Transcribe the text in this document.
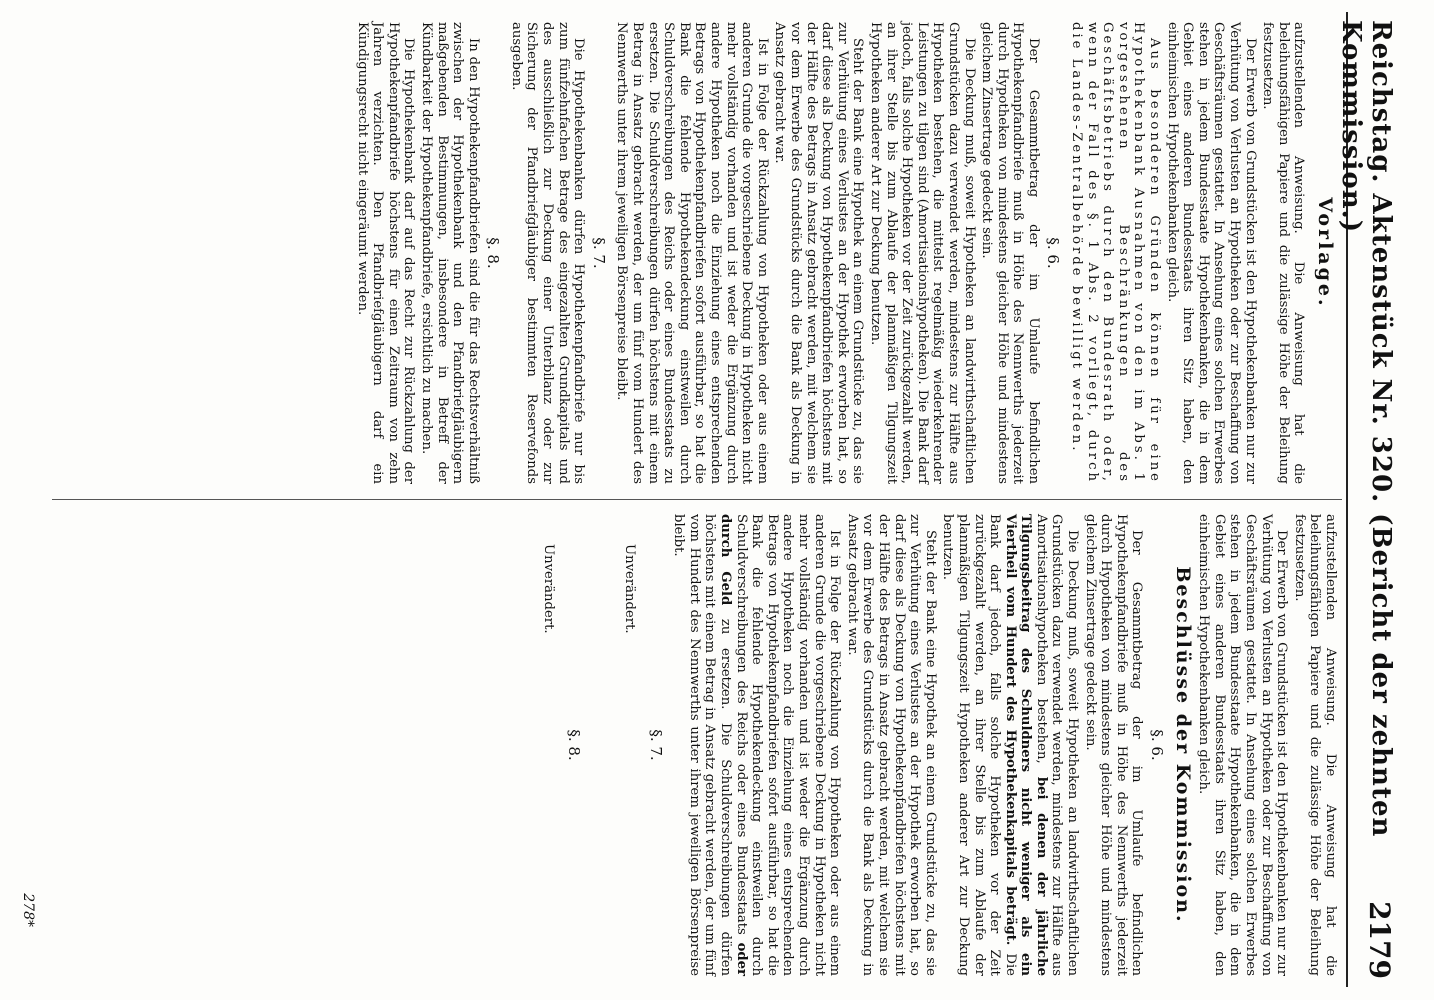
Reichstag. Aktenstück Nr. 320. (Bericht der zehnten Kommission.)
2179
Vorlage.

aufzustellenden Anweisung. Die Anweisung hat die beleihungsfähigen Papiere und die zulässige Höhe der Beleihung festzusetzen.

Der Erwerb von Grundstücken ist den Hypothekenbanken nur zur Verhütung von Verlusten an Hypotheken oder zur Beschaffung von Geschäftsräumen gestattet. In Ansehung eines solchen Erwerbes stehen in jedem Bundesstaate Hypothekenbanken, die in dem Gebiet eines anderen Bundesstaats ihren Sitz haben, den einheimischen Hypothekenbanken gleich.

Aus besonderen Gründen können für eine Hypothekenbank Ausnahmen von den im Abs. 1 vorgesehenen Beschränkungen des Geschäftsbetriebs durch den Bundesrath oder, wenn der Fall des §. 1 Abs. 2 vorliegt, durch die Landes-Zentralbehörde bewilligt werden.

§. 6.

Der Gesammtbetrag der im Umlaufe befindlichen Hypothekenpfandbriefe muß in Höhe des Nennwerths jederzeit durch Hypotheken von mindestens gleicher Höhe und mindestens gleichem Zinsertrage gedeckt sein.

Die Deckung muß, soweit Hypotheken an landwirthschaftlichen Grundstücken dazu verwendet werden, mindestens zur Hälfte aus Hypotheken bestehen, die mittelst regelmäßig wiederkehrender Leistungen zu tilgen sind (Amortisationshypotheken). Die Bank darf jedoch, falls solche Hypotheken vor der Zeit zurückgezahlt werden, an ihrer Stelle bis zum Ablaufe der planmäßigen Tilgungszeit Hypotheken anderer Art zur Deckung benutzen.

Steht der Bank eine Hypothek an einem Grundstücke zu, das sie zur Verhütung eines Verlustes an der Hypothek erworben hat, so darf diese als Deckung von Hypothekenpfandbriefen höchstens mit der Hälfte des Betrags in Ansatz gebracht werden, mit welchem sie vor dem Erwerbe des Grundstücks durch die Bank als Deckung in Ansatz gebracht war.

Ist in Folge der Rückzahlung von Hypotheken oder aus einem anderen Grunde die vorgeschriebene Deckung in Hypotheken nicht mehr vollständig vorhanden und ist weder die Ergänzung durch andere Hypotheken noch die Einziehung eines entsprechenden Betrags von Hypothekenpfandbriefen sofort ausführbar, so hat die Bank die fehlende Hypothekendeckung einstweilen durch Schuldverschreibungen des Reichs oder eines Bundesstaats zu ersetzen. Die Schuldverschreibungen dürfen höchstens mit einem Betrag in Ansatz gebracht werden, der um fünf vom Hundert des Nennwerths unter ihrem jeweiligen Börsenpreise bleibt.

§. 7.

Die Hypothekenbanken dürfen Hypothekenpfandbriefe nur bis zum fünfzehnfachen Betrage des eingezahlten Grundkapitals und des ausschließlich zur Deckung einer Unterbilanz oder zur Sicherung der Pfandbriefgläubiger bestimmten Reservefonds ausgeben.

§. 8.

In den Hypothekenpfandbriefen sind die für das Rechtsverhältniß zwischen der Hypothekenbank und den Pfandbriefgläubigern maßgebenden Bestimmungen, insbesondere in Betreff der Kündbarkeit der Hypothekenpfandbriefe, ersichtlich zu machen.

Die Hypothekenbank darf auf das Recht zur Rückzahlung der Hypothekenpfandbriefe höchstens für einen Zeitraum von zehn Jahren verzichten. Den Pfandbriefgläubigern darf ein Kündigungsrecht nicht eingeräumt werden.

aufzustellenden Anweisung. Die Anweisung hat die beleihungsfähigen Papiere und die zulässige Höhe der Beleihung festzusetzen.

Der Erwerb von Grundstücken ist den Hypothekenbanken nur zur Verhütung von Verlusten an Hypotheken oder zur Beschaffung von Geschäftsräumen gestattet. In Ansehung eines solchen Erwerbes stehen in jedem Bundesstaate Hypothekenbanken, die in dem Gebiet eines anderen Bundesstaats ihren Sitz haben, den einheimischen Hypothekenbanken gleich.

Beschlüsse der Kommission.
§. 6.

Der Gesammtbetrag der im Umlaufe befindlichen Hypothekenpfandbriefe muß in Höhe des Nennwerths jederzeit durch Hypotheken von mindestens gleicher Höhe und mindestens gleichem Zinsertrage gedeckt sein.

Die Deckung muß, soweit Hypotheken an landwirthschaftlichen Grundstücken dazu verwendet werden, mindestens zur Hälfte aus Amortisationshypotheken bestehen, bei denen der jährliche Tilgungsbeitrag des Schuldners nicht weniger als ein Viertheil vom Hundert des Hypothekenkapitals beträgt. Die Bank darf jedoch, falls solche Hypotheken vor der Zeit zurückgezahlt werden, an ihrer Stelle bis zum Ablaufe der planmäßigen Tilgungszeit Hypotheken anderer Art zur Deckung benutzen.

Steht der Bank eine Hypothek an einem Grundstücke zu, das sie zur Verhütung eines Verlustes an der Hypothek erworben hat, so darf diese als Deckung von Hypothekenpfandbriefen höchstens mit der Hälfte des Betrags in Ansatz gebracht werden, mit welchem sie vor dem Erwerbe des Grundstücks durch die Bank als Deckung in Ansatz gebracht war.

Ist in Folge der Rückzahlung von Hypotheken oder aus einem anderen Grunde die vorgeschriebene Deckung in Hypotheken nicht mehr vollständig vorhanden und ist weder die Ergänzung durch andere Hypotheken noch die Einziehung eines entsprechenden Betrags von Hypothekenpfandbriefen sofort ausführbar, so hat die Bank die fehlende Hypothekendeckung einstweilen durch Schuldverschreibungen des Reichs oder eines Bundesstaats oder durch Geld zu ersetzen. Die Schuldverschreibungen dürfen höchstens mit einem Betrag in Ansatz gebracht werden, der um fünf vom Hundert des Nennwerths unter ihrem jeweiligen Börsenpreise bleibt.

§. 7.
Unverändert.
§. 8.
Unverändert.
278*
